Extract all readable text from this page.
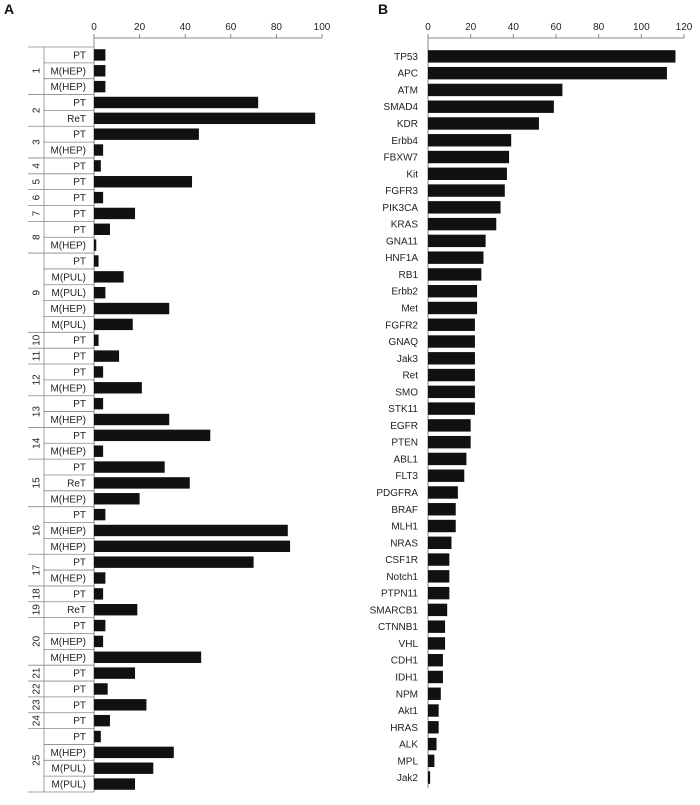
A
0	20	40	60	80	100
PT
M(HEP)
M(HEP)
1
PT
ReT
2
PT
M(HEP)
3
PT
4
PT
5
PT
6
PT
7
PT
M(HEP)
8
PT
M(PUL)
M(PUL)
M(HEP)
M(PUL)
9
PT
10
PT
11
PT
M(HEP)
12
PT
M(HEP)
13
PT
M(HEP)
14
PT
ReT
M(HEP)
15
PT
M(HEP)
M(HEP)
16
PT
M(HEP)
17
PT
18
ReT
19
PT
M(HEP)
M(HEP)
20
PT
21
PT
22
PT
23
PT
24
PT
M(HEP)
M(PUL)
M(PUL)
25
B
0	20	40	60	80	100	120
TP53
APC
ATM
SMAD4
KDR
Erbb4
FBXW7
Kit
FGFR3
PIK3CA
KRAS
GNA11
HNF1A
RB1
Erbb2
Met
FGFR2
GNAQ
Jak3
Ret
SMO
STK11
EGFR
PTEN
ABL1
FLT3
PDGFRA
BRAF
MLH1
NRAS
CSF1R
Notch1
PTPN11
SMARCB1
CTNNB1
VHL
CDH1
IDH1
NPM
Akt1
HRAS
ALK
MPL
Jak2
